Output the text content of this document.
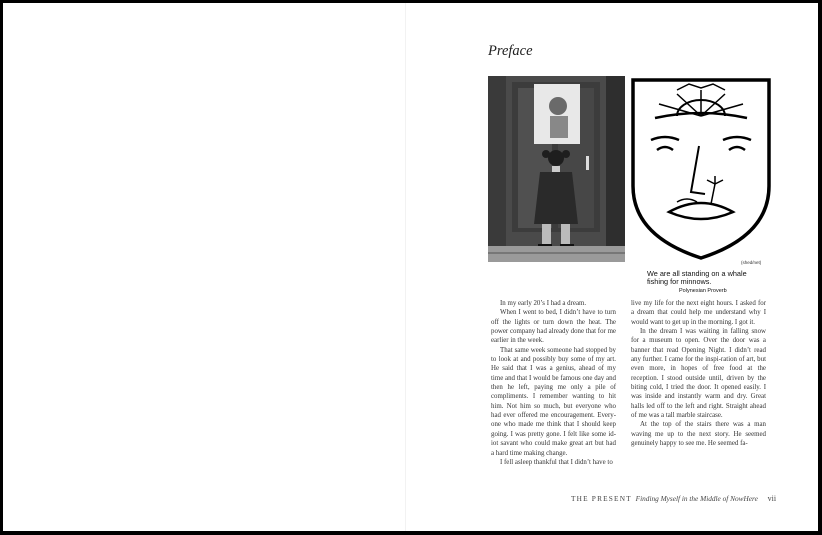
Preface
(shed/net)

We are all standing on a whale fishing for minnows.

Polynesian Proverb

In my early 20’s I had a dream.

When I went to bed, I didn’t have to turn off the lights or turn down the heat. The power company had already done that for me earlier in the week.

That same week someone had stopped by to look at and possibly buy some of my art. He said that I was a genius, ahead of my time and that I would be famous one day and then he left, paying me only a pile of compliments. I remember wanting to hit him. Not him so much, but everyone who had ever offered me encouragement. Every-one who made me think that I should keep going. I was pretty gone. I felt like some id-iot savant who could make great art but had a hard time making change.

I fell asleep thankful that I didn’t have to

live my life for the next eight hours. I asked for a dream that could help me understand why I would want to get up in the morning. I got it.

In the dream I was waiting in falling snow for a museum to open. Over the door was a banner that read Opening Night. I didn’t read any further. I came for the inspi-ration of art, but even more, in hopes of free food at the reception. I stood outside until, driven by the biting cold, I tried the door. It opened easily. I was inside and instantly warm and dry. Great halls led off to the left and right. Straight ahead of me was a tall marble staircase.

At the top of the stairs there was a man waving me up to the next story. He seemed genuinely happy to see me. He seemed fa-

THE PRESENT Finding Myself in the Middle of NowHere vii
